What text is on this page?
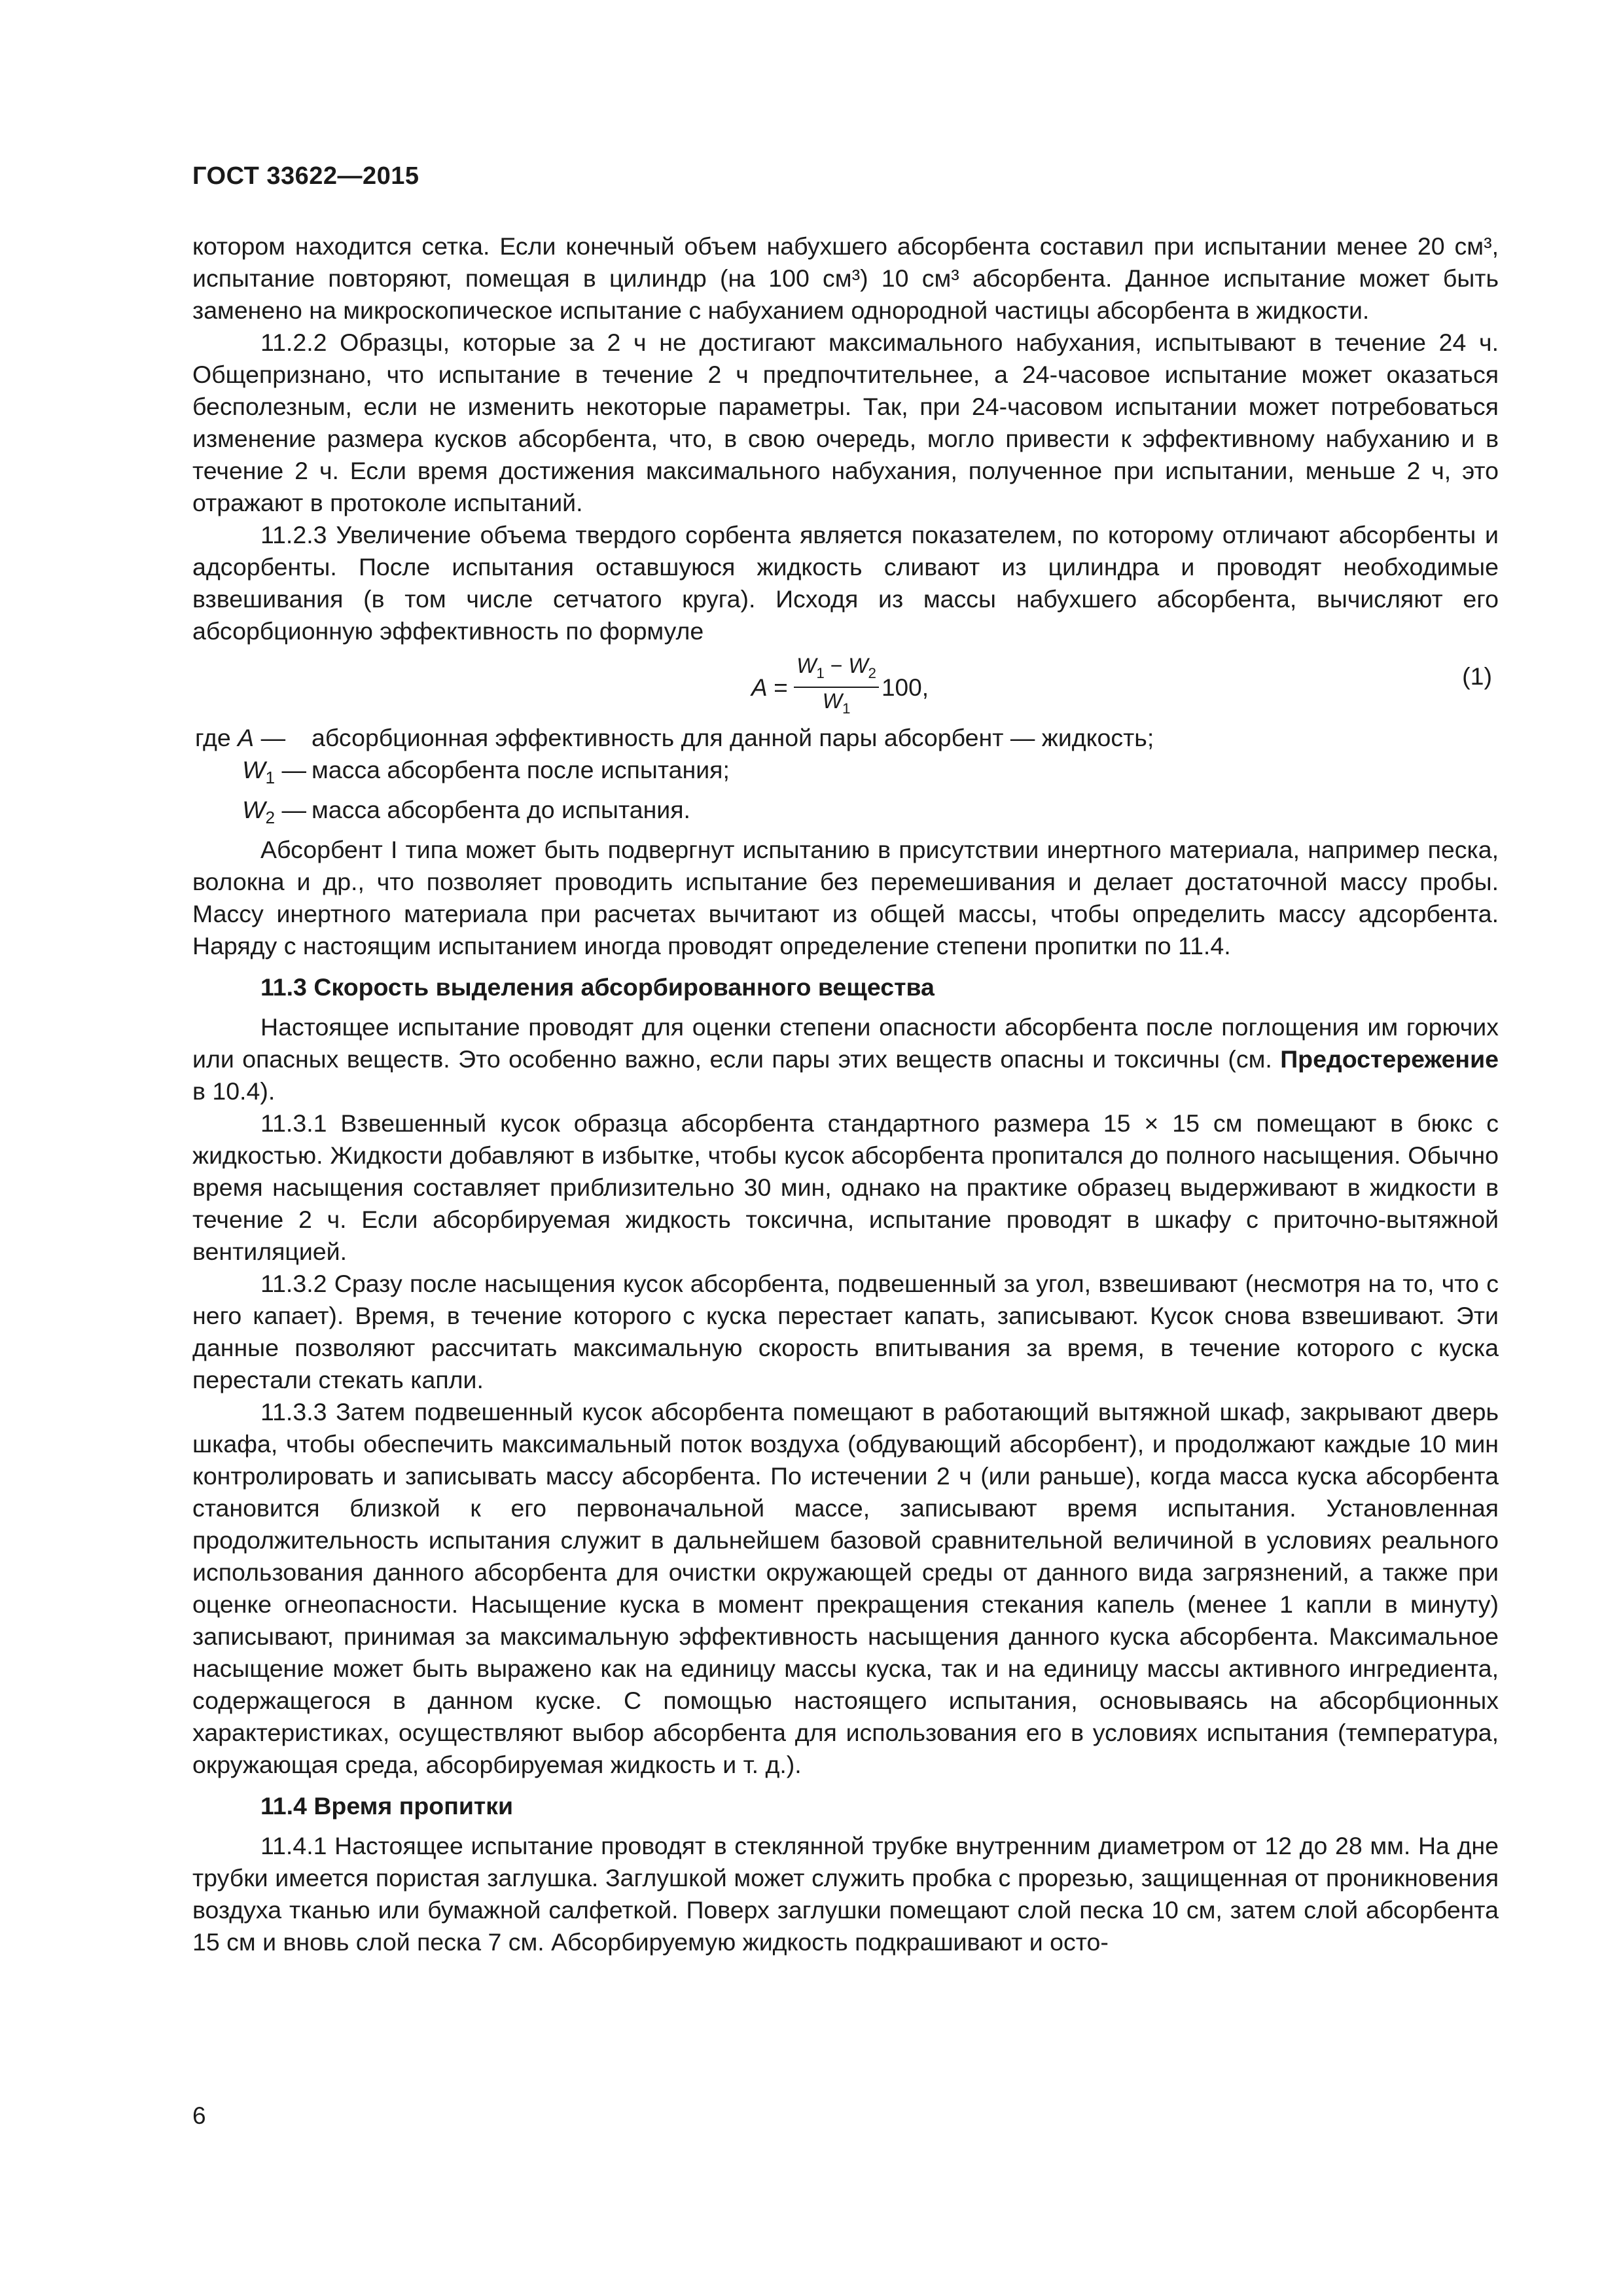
ГОСТ 33622—2015

котором находится сетка. Если конечный объем набухшего абсорбента составил при испытании менее 20 см³, испытание повторяют, помещая в цилиндр (на 100 см³) 10 см³ абсорбента. Данное испытание может быть заменено на микроскопическое испытание с набуханием однородной частицы абсорбента в жидкости.

11.2.2 Образцы, которые за 2 ч не достигают максимального набухания, испытывают в течение 24 ч. Общепризнано, что испытание в течение 2 ч предпочтительнее, а 24-часовое испытание может оказаться бесполезным, если не изменить некоторые параметры. Так, при 24-часовом испытании может потребоваться изменение размера кусков абсорбента, что, в свою очередь, могло привести к эффективному набуханию и в течение 2 ч. Если время достижения максимального набухания, полученное при испытании, меньше 2 ч, это отражают в протоколе испытаний.

11.2.3 Увеличение объема твердого сорбента является показателем, по которому отличают абсорбенты и адсорбенты. После испытания оставшуюся жидкость сливают из цилиндра и проводят необходимые взвешивания (в том числе сетчатого круга). Исходя из массы набухшего абсорбента, вычисляют его абсорбционную эффективность по формуле

$A = \frac{W_1 - W_2}{W_1} 100$,	(1)
где A —	абсорбционная эффективность для данной пары абсорбент — жидкость;
$W_1$ — масса абсорбента после испытания;
$W_2$ — масса абсорбента до испытания.

Абсорбент I типа может быть подвергнут испытанию в присутствии инертного материала, например песка, волокна и др., что позволяет проводить испытание без перемешивания и делает достаточной массу пробы. Массу инертного материала при расчетах вычитают из общей массы, чтобы определить массу адсорбента. Наряду с настоящим испытанием иногда проводят определение степени пропитки по 11.4.

11.3 Скорость выделения абсорбированного вещества

Настоящее испытание проводят для оценки степени опасности абсорбента после поглощения им горючих или опасных веществ. Это особенно важно, если пары этих веществ опасны и токсичны (см. Предостережение в 10.4).

11.3.1 Взвешенный кусок образца абсорбента стандартного размера 15 × 15 см помещают в бюкс с жидкостью. Жидкости добавляют в избытке, чтобы кусок абсорбента пропитался до полного насыщения. Обычно время насыщения составляет приблизительно 30 мин, однако на практике образец выдерживают в жидкости в течение 2 ч. Если абсорбируемая жидкость токсична, испытание проводят в шкафу с приточно-вытяжной вентиляцией.

11.3.2 Сразу после насыщения кусок абсорбента, подвешенный за угол, взвешивают (несмотря на то, что с него капает). Время, в течение которого с куска перестает капать, записывают. Кусок снова взвешивают. Эти данные позволяют рассчитать максимальную скорость впитывания за время, в течение которого с куска перестали стекать капли.

11.3.3 Затем подвешенный кусок абсорбента помещают в работающий вытяжной шкаф, закрывают дверь шкафа, чтобы обеспечить максимальный поток воздуха (обдувающий абсорбент), и продолжают каждые 10 мин контролировать и записывать массу абсорбента. По истечении 2 ч (или раньше), когда масса куска абсорбента становится близкой к его первоначальной массе, записывают время испытания. Установленная продолжительность испытания служит в дальнейшем базовой сравнительной величиной в условиях реального использования данного абсорбента для очистки окружающей среды от данного вида загрязнений, а также при оценке огнеопасности. Насыщение куска в момент прекращения стекания капель (менее 1 капли в минуту) записывают, принимая за максимальную эффективность насыщения данного куска абсорбента. Максимальное насыщение может быть выражено как на единицу массы куска, так и на единицу массы активного ингредиента, содержащегося в данном куске. С помощью настоящего испытания, основываясь на абсорбционных характеристиках, осуществляют выбор абсорбента для использования его в условиях испытания (температура, окружающая среда, абсорбируемая жидкость и т. д.).

11.4 Время пропитки

11.4.1 Настоящее испытание проводят в стеклянной трубке внутренним диаметром от 12 до 28 мм. На дне трубки имеется пористая заглушка. Заглушкой может служить пробка с прорезью, защищенная от проникновения воздуха тканью или бумажной салфеткой. Поверх заглушки помещают слой песка 10 см, затем слой абсорбента 15 см и вновь слой песка 7 см. Абсорбируемую жидкость подкрашивают и осто-

6
